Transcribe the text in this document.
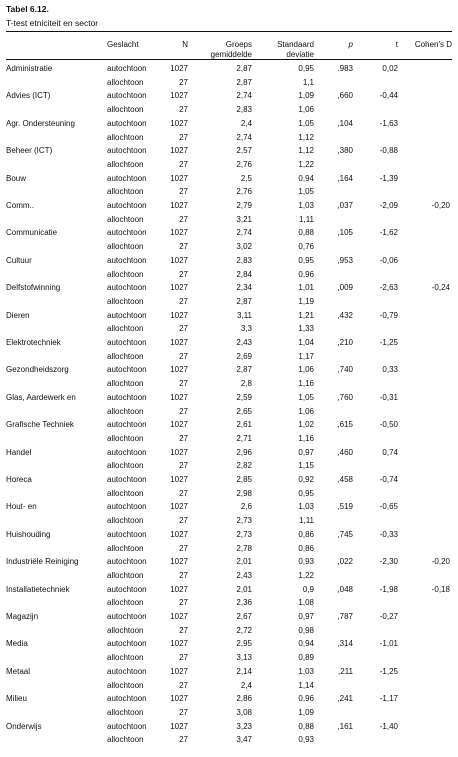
Tabel 6.12.
T-test etniciteit en sector
Geslacht	N	Groeps
gemiddelde
Standaard
deviatie
p	t	Cohen's D
Administratie	autochtoon	1027	2,87	0,95	.983	0,02
allochtoon	27	2,87	1,1
Advies (ICT)	autochtoon	1027	2,74	1,09	,660	-0,44
allochtoon	27	2,83	1,06
Agr. Ondersteuning	autochtoon	1027	2,4	1,05	,104	-1,63
allochtoon	27	2,74	1,12
Beheer (ICT)	autochtoon	1027	2,57	1,12	,380	-0,88
allochtoon	27	2,76	1,22
Bouw	autochtoon	1027	2,5	0,94	,164	-1,39
allochtoon	27	2,76	1,05
Comm..	autochtoon	1027	2,79	1,03	,037	-2,09	-0,20
allochtoon	27	3,21	1,11
Communicatie	autochtoon	1027	2,74	0,88	,105	-1,62
allochtoon	27	3,02	0,76
Cultuur	autochtoon	1027	2,83	0,95	,953	-0,06
allochtoon	27	2,84	0,96
Delfstofwinning	autochtoon	1027	2,34	1,01	,009	-2,63	-0,24
allochtoon	27	2,87	1,19
Dieren	autochtoon	1027	3,11	1,21	,432	-0,79
allochtoon	27	3,3	1,33
Elektrotechniek	autochtoon	1027	2,43	1,04	,210	-1,25
allochtoon	27	2,69	1,17
Gezondheidszorg	autochtoon	1027	2,87	1,06	,740	0,33
allochtoon	27	2,8	1,16
Glas, Aardewerk en	autochtoon	1027	2,59	1,05	,760	-0,31
allochtoon	27	2,65	1,06
Grafische Techniek	autochtoon	1027	2,61	1,02	,615	-0,50
allochtoon	27	2,71	1,16
Handel	autochtoon	1027	2,96	0,97	,460	0,74
allochtoon	27	2,82	1,15
Horeca	autochtoon	1027	2,85	0,92	,458	-0,74
allochtoon	27	2,98	0,95
Hout- en	autochtoon	1027	2,6	1,03	,519	-0,65
allochtoon	27	2,73	1,11
Huishouding	autochtoon	1027	2,73	0,86	,745	-0,33
allochtoon	27	2,78	0,86
Industriële Reiniging	autochtoon	1027	2,01	0,93	,022	-2,30	-0,20
allochtoon	27	2,43	1,22
Installatietechniek	autochtoon	1027	2,01	0,9	,048	-1,98	-0,18
allochtoon	27	2,36	1,08
Magazijn	autochtoon	1027	2,67	0,97	,787	-0,27
allochtoon	27	2,72	0,98
Media	autochtoon	1027	2,95	0,94	,314	-1,01
allochtoon	27	3,13	0,89
Metaal	autochtoon	1027	2,14	1,03	,211	-1,25
allochtoon	27	2,4	1,14
Milieu	autochtoon	1027	2,86	0,96	,241	-1,17
allochtoon	27	3,08	1,09
Onderwijs	autochtoon	1027	3,23	0,88	,161	-1,40
allochtoon	27	3,47	0,93
